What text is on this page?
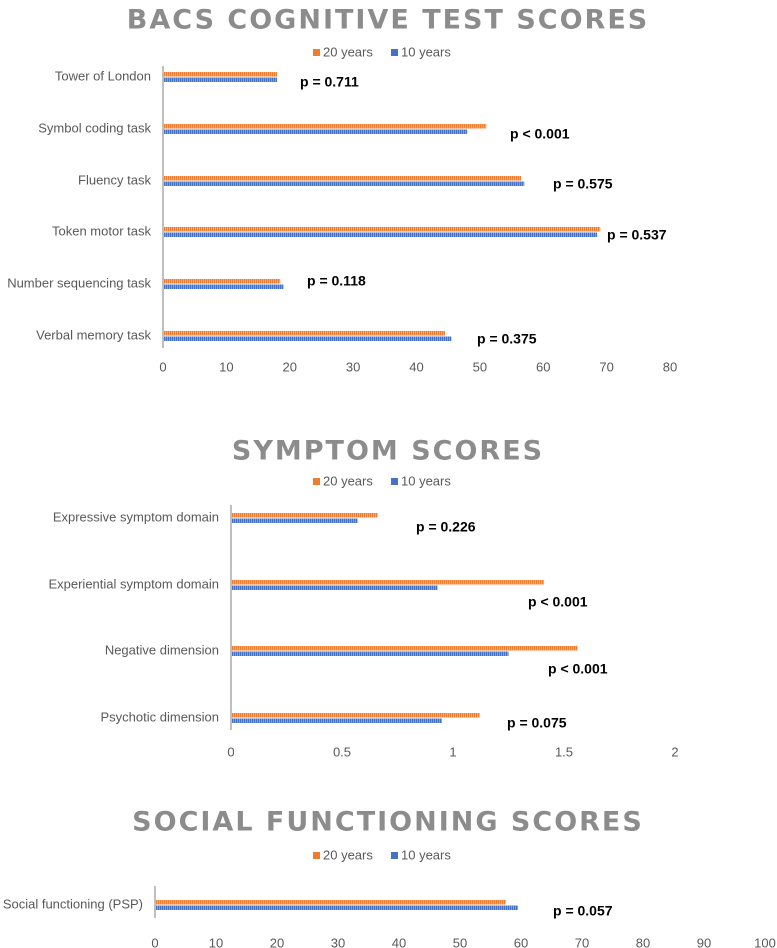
BACS COGNITIVE TEST SCORES
20 years 10 years
0	10	20	30	40	50	60	70	80
Tower of London	p = 0.711
Symbol coding task	p < 0.001
Fluency task	p = 0.575
Token motor task	p = 0.537
Number sequencing task	p = 0.118
Verbal memory task	p = 0.375
SYMPTOM SCORES
20 years 10 years
0	0.5	1	1.5	2
Expressive symptom domain
p = 0.226
Experiential symptom domain
p < 0.001
Negative dimension
p < 0.001
Psychotic dimension	p = 0.075
SOCIAL FUNCTIONING SCORES
20 years 10 years
0	10	20	30	40	50	60	70	80	90	100
Social functioning (PSP)	p = 0.057
